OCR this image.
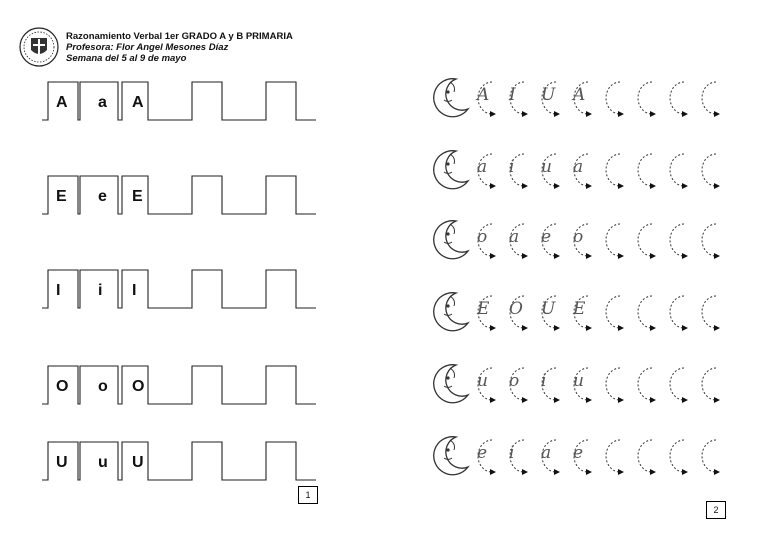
Razonamiento Verbal 1er GRADO A y B PRIMARIA
Profesora: Flor Angel Mesones Díaz
Semana del 5 al 9 de mayo
A a A
E e E
I i I
O o O
U u U
1
A I U A
a i u a
o a e o
E O U E
u o i u
e i a e
2
